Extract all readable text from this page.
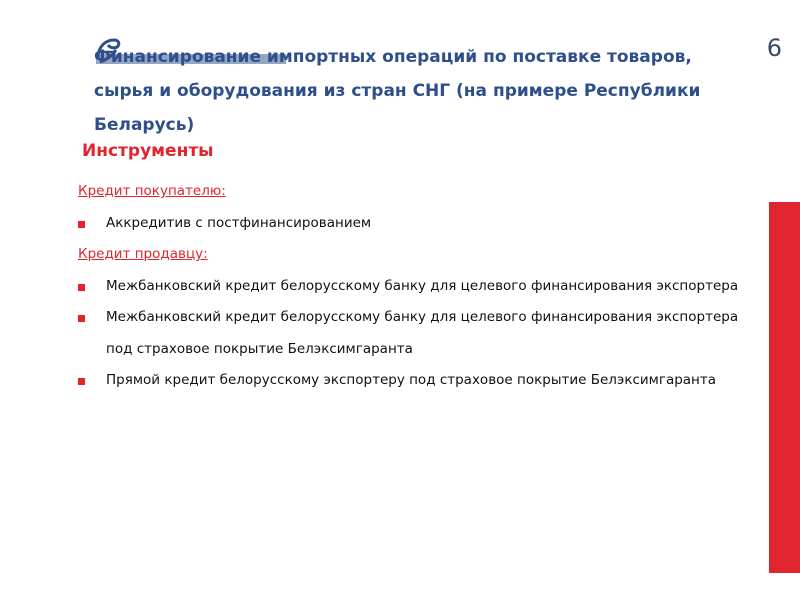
6
Финансирование импортных операций по поставке товаров, сырья и оборудования из стран СНГ (на примере Республики Беларусь)
Инструменты

Кредит покупателю:

Аккредитив с постфинансированием

Кредит продавцу:

Межбанковский кредит белорусскому банку для целевого финансирования экспортера
Межбанковский кредит белорусскому банку для целевого финансирования экспортера под страховое покрытие Белэксимгаранта
Прямой кредит белорусскому экспортеру под страховое покрытие Белэксимгаранта
